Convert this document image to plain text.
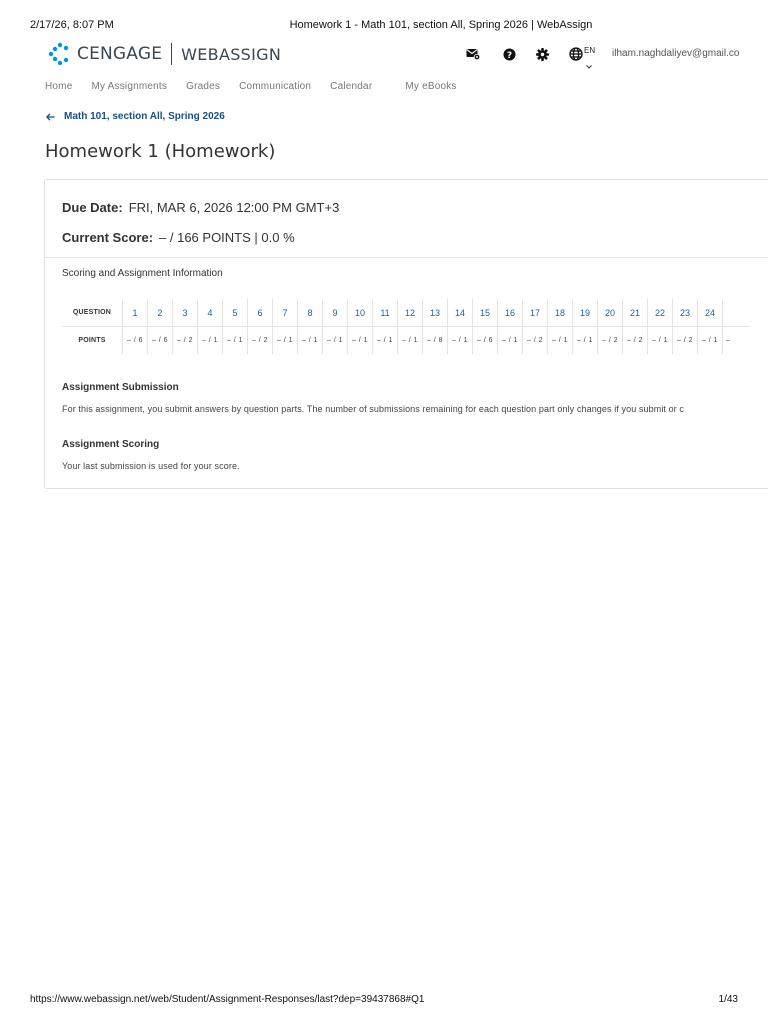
2/17/26, 8:07 PM	Homework 1 - Math 101, section All, Spring 2026 | WebAssign
CENGAGE WEBASSIGN	?	EN ilham.naghdaliyev@gmail.co
Home My Assignments Grades Communication Calendar	My eBooks
Math 101, section All, Spring 2026
Homework 1 (Homework)
Due Date: FRI, MAR 6, 2026 12:00 PM GMT+3
Current Score: – / 166 POINTS | 0.0 %
Scoring and Assignment Information
QUESTION	1	2	3	4	5	6	7	8	9	10	11	12	13	14	15	16	17	18	19	20	21	22	23	24	
POINTS	– / 6	– / 6	– / 2	– / 1	– / 1	– / 2	– / 1	– / 1	– / 1	– / 1	– / 1	– / 1	– / 8	– / 1	– / 6	– / 1	– / 2	– / 1	– / 1	– / 2	– / 2	– / 1	– / 2	– / 1	–
Assignment Submission
For this assignment, you submit answers by question parts. The number of submissions remaining for each question part only changes if you submit or c
Assignment Scoring
Your last submission is used for your score.
https://www.webassign.net/web/Student/Assignment-Responses/last?dep=39437868#Q1	1/43
